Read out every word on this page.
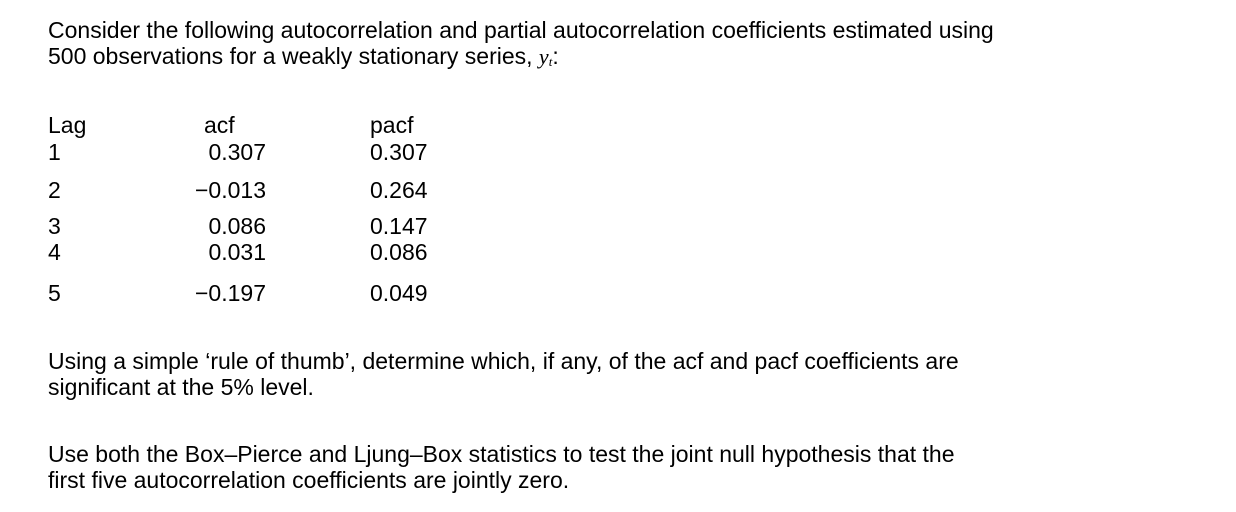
Consider the following autocorrelation and partial autocorrelation coefficients estimated using
500 observations for a weakly stationary series, $y_t$:
Lag	acf	pacf
1	0.307	0.307
2	−0.013	0.264
3	0.086	0.147
4	0.031	0.086
5	−0.197	0.049
Using a simple ‘rule of thumb’, determine which, if any, of the acf and pacf coefficients are
significant at the 5% level.
Use both the Box–Pierce and Ljung–Box statistics to test the joint null hypothesis that the
first five autocorrelation coefficients are jointly zero.
